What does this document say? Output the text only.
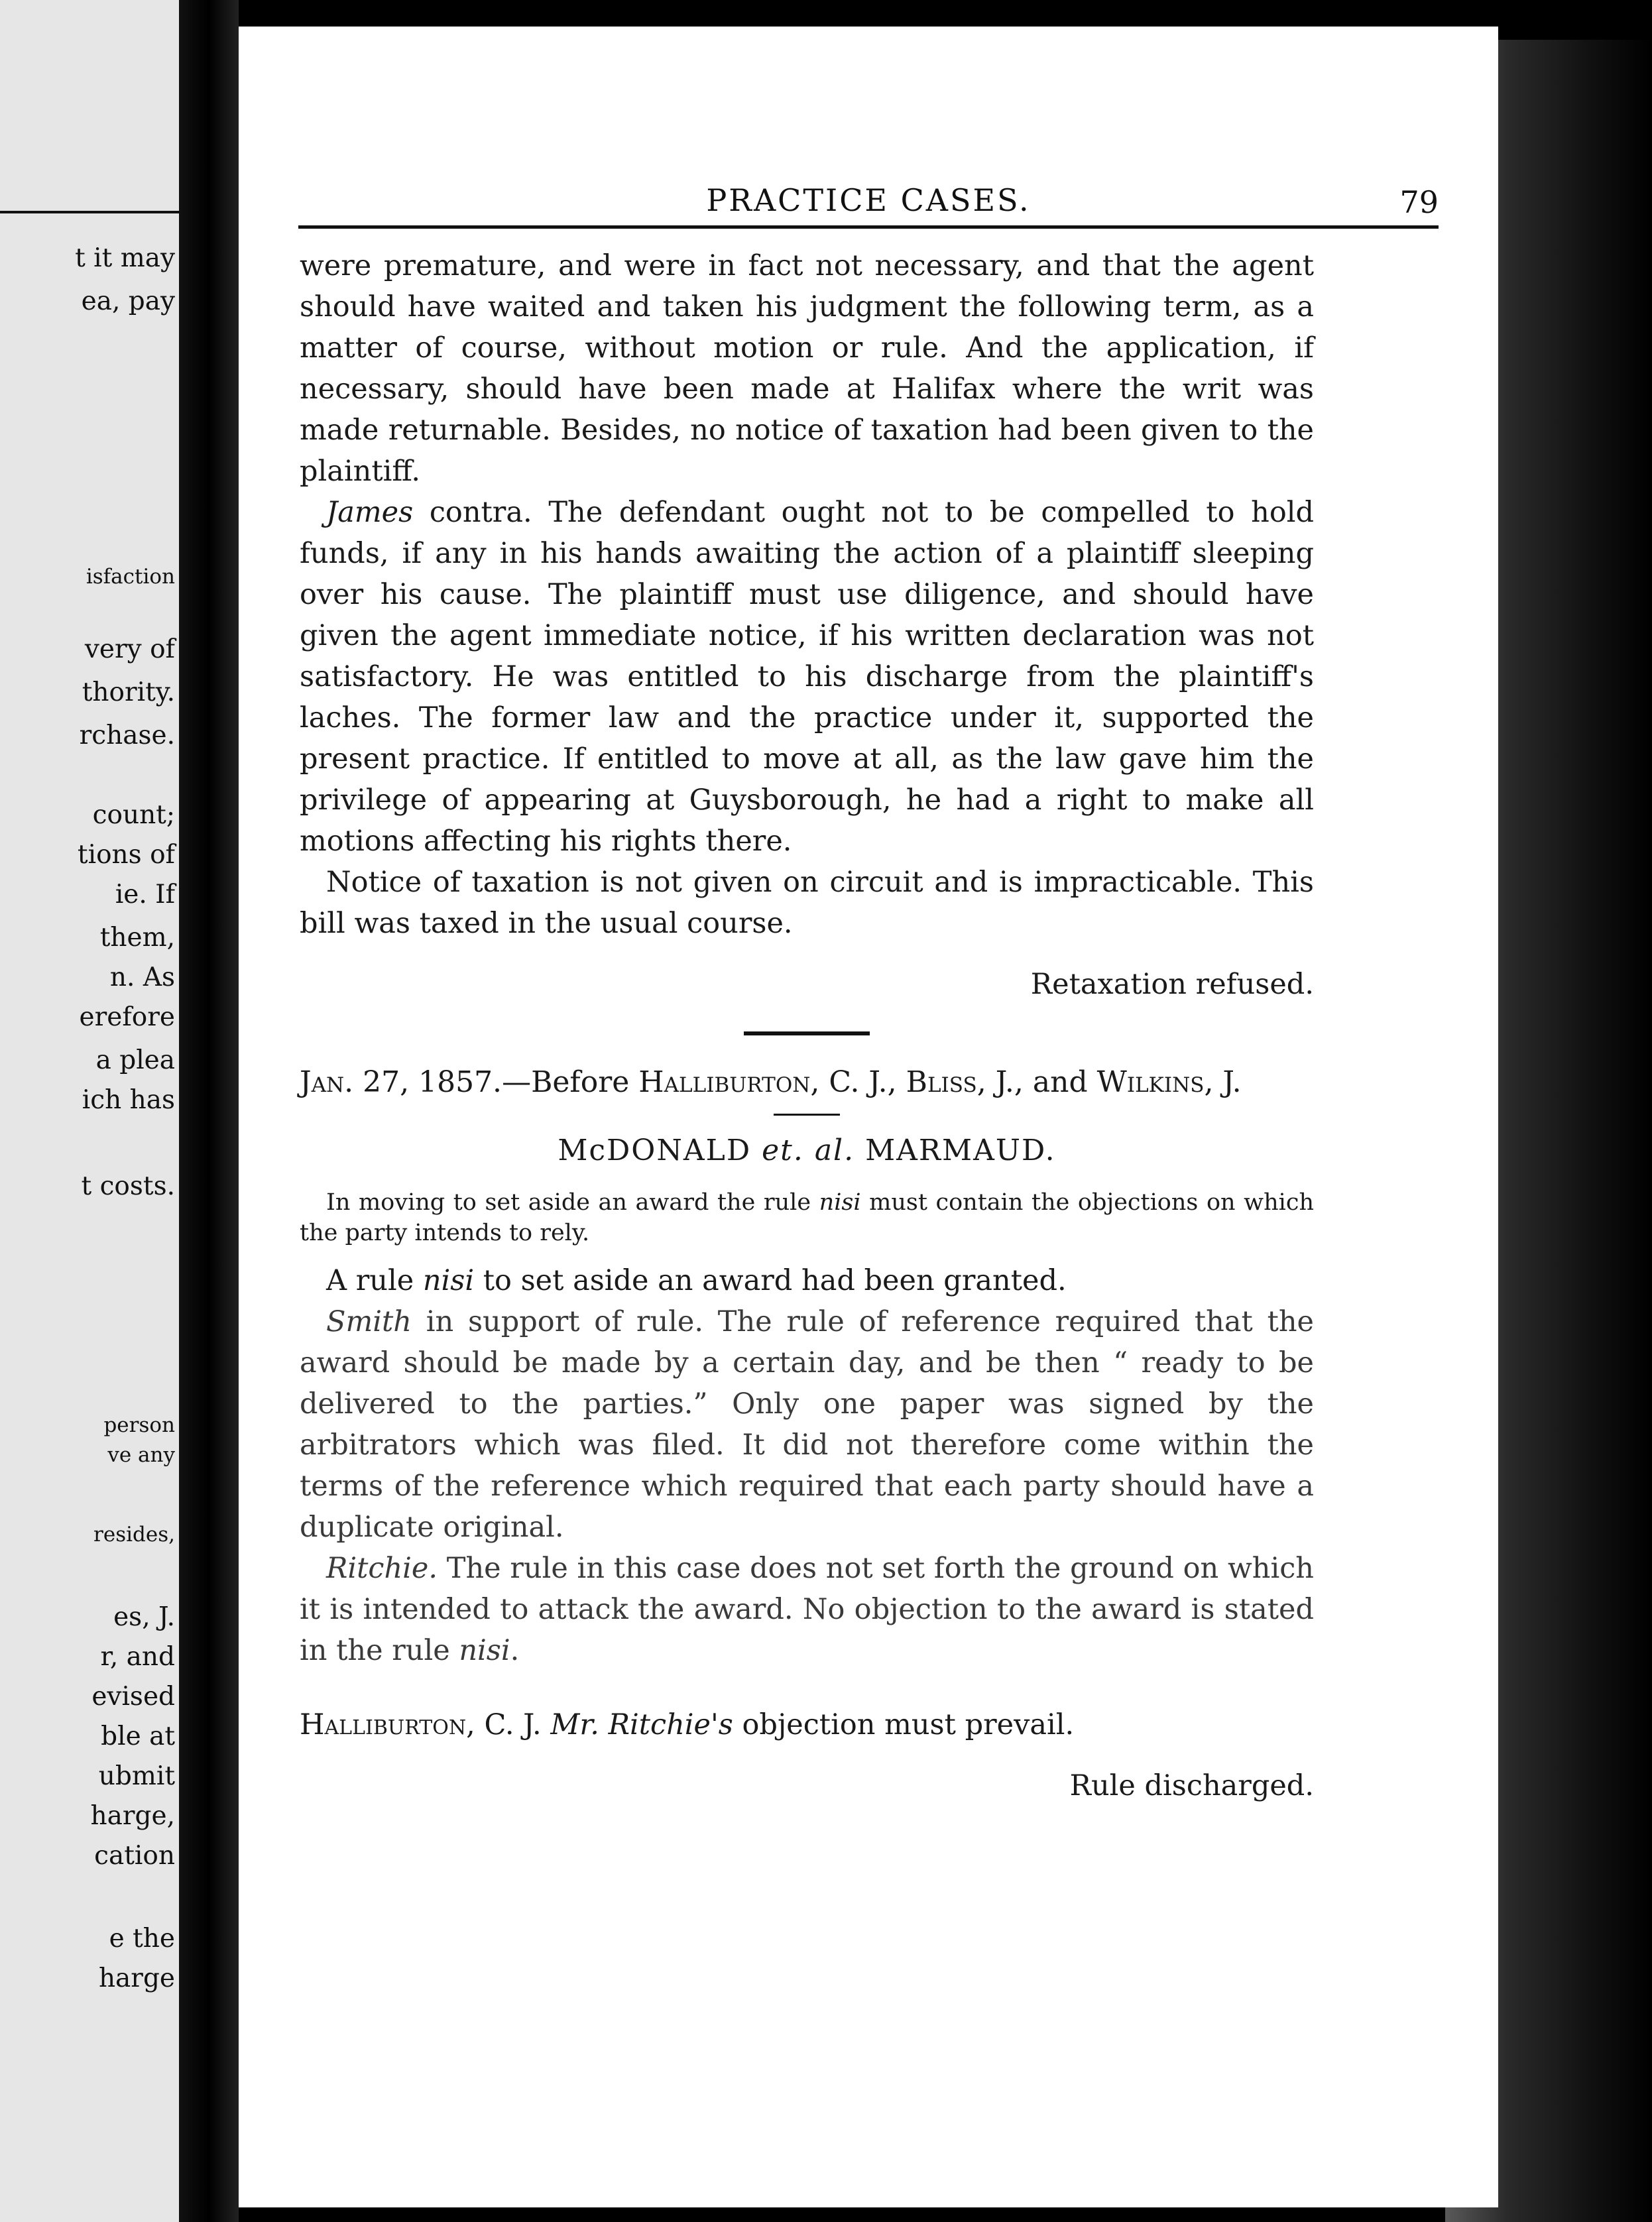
t it may
ea, pay
isfaction
very of
thority.
rchase.
count;
tions of
ie. If
them,
n. As
erefore
a plea
ich has
t costs.
person
ve any
resides,
es, J.
r, and
evised
ble at
ubmit
harge,
cation
e the
harge
PRACTICE CASES.	79

were premature, and were in fact not necessary, and that the agent should have waited and taken his judgment the following term, as a matter of course, without motion or rule. And the application, if necessary, should have been made at Halifax where the writ was made returnable. Besides, no notice of taxation had been given to the plaintiff.

James contra. The defendant ought not to be compelled to hold funds, if any in his hands awaiting the action of a plaintiff sleeping over his cause. The plaintiff must use diligence, and should have given the agent immediate notice, if his written declaration was not satisfactory. He was entitled to his discharge from the plaintiff's laches. The former law and the practice under it, supported the present practice. If entitled to move at all, as the law gave him the privilege of appearing at Guysborough, he had a right to make all motions affecting his rights there.

Notice of taxation is not given on circuit and is impracticable. This bill was taxed in the usual course.

Retaxation refused.

Jan. 27, 1857.—Before Halliburton, C. J., Bliss, J., and Wilkins, J.

McDONALD et. al. MARMAUD.

In moving to set aside an award the rule nisi must contain the objections on which the party intends to rely.

A rule nisi to set aside an award had been granted.

Smith in support of rule. The rule of reference required that the award should be made by a certain day, and be then “ ready to be delivered to the parties.” Only one paper was signed by the arbitrators which was filed. It did not therefore come within the terms of the reference which required that each party should have a duplicate original.

Ritchie. The rule in this case does not set forth the ground on which it is intended to attack the award. No objection to the award is stated in the rule nisi.

Halliburton, C. J. Mr. Ritchie's objection must prevail.

Rule discharged.
